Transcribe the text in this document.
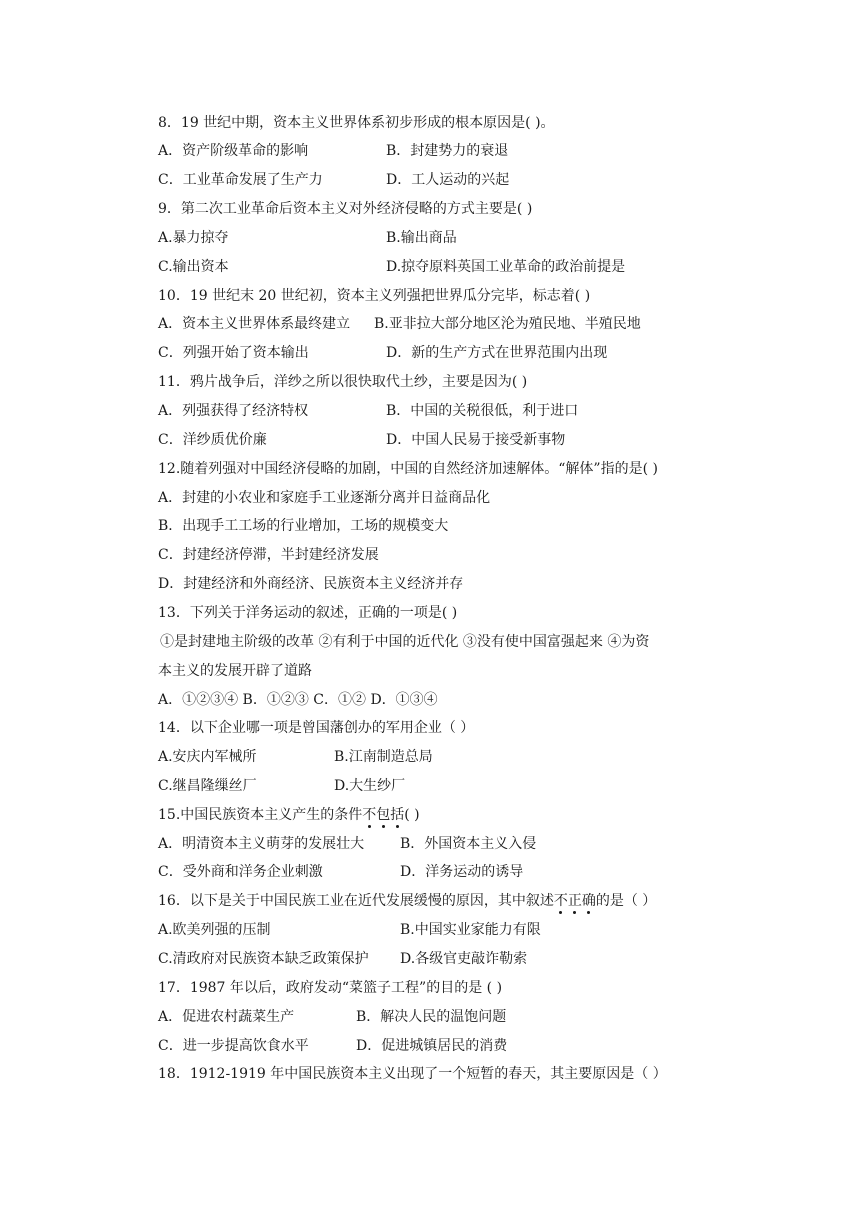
8．19 世纪中期，资本主义世界体系初步形成的根本原因是( )。
A．资产阶级革命的影响	B．封建势力的衰退
C．工业革命发展了生产力	D．工人运动的兴起
9．第二次工业革命后资本主义对外经济侵略的方式主要是( )
A.暴力掠夺	B.输出商品
C.输出资本	D.掠夺原料英国工业革命的政治前提是
10．19 世纪末 20 世纪初，资本主义列强把世界瓜分完毕，标志着( )
A．资本主义世界体系最终建立 B.亚非拉大部分地区沦为殖民地、半殖民地
C．列强开始了资本输出	D．新的生产方式在世界范围内出现
11．鸦片战争后，洋纱之所以很快取代土纱，主要是因为( )
A．列强获得了经济特权	B．中国的关税很低，利于进口
C．洋纱质优价廉	D．中国人民易于接受新事物
12.随着列强对中国经济侵略的加剧，中国的自然经济加速解体。“解体”指的是( )
A．封建的小农业和家庭手工业逐渐分离并日益商品化
B．出现手工工场的行业增加，工场的规模变大
C．封建经济停滞，半封建经济发展
D．封建经济和外商经济、民族资本主义经济并存
13．下列关于洋务运动的叙述，正确的一项是( )
①是封建地主阶级的改革 ②有利于中国的近代化 ③没有使中国富强起来 ④为资
本主义的发展开辟了道路
A．①②③④ B．①②③ C．①② D．①③④
14．以下企业哪一项是曾国藩创办的军用企业（ ）
A.安庆内军械所	B.江南制造总局
C.继昌隆缫丝厂	D.大生纱厂
15.中国民族资本主义产生的条件不包括( )
A．明清资本主义萌芽的发展壮大	B．外国资本主义入侵
C．受外商和洋务企业刺激	D．洋务运动的诱导
16．以下是关于中国民族工业在近代发展缓慢的原因，其中叙述不正确的是（ ）
A.欧美列强的压制	B.中国实业家能力有限
C.清政府对民族资本缺乏政策保护 D.各级官吏敲诈勒索
17．1987 年以后，政府发动“菜篮子工程”的目的是 ( )
A．促进农村蔬菜生产	B．解决人民的温饱问题
C．进一步提高饮食水平	D．促进城镇居民的消费
18．1912-1919 年中国民族资本主义出现了一个短暂的春天，其主要原因是（ ）
